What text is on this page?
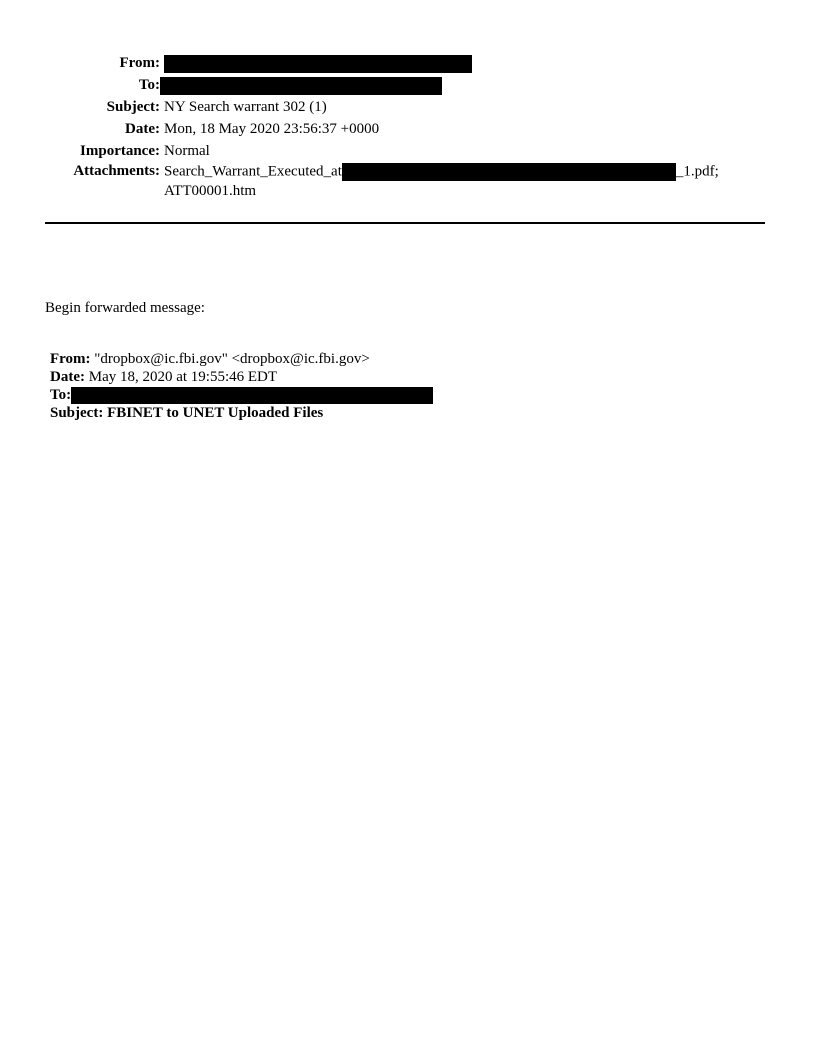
From:
To:
Subject: NY Search warrant 302 (1)
Date: Mon, 18 May 2020 23:56:37 +0000
Importance: Normal
Attachments: Search_Warrant_Executed_at	_1.pdf;
ATT00001.htm
Begin forwarded message:
From: "dropbox@ic.fbi.gov" <dropbox@ic.fbi.gov>
Date: May 18, 2020 at 19:55:46 EDT
To:
Subject: FBINET to UNET Uploaded Files
